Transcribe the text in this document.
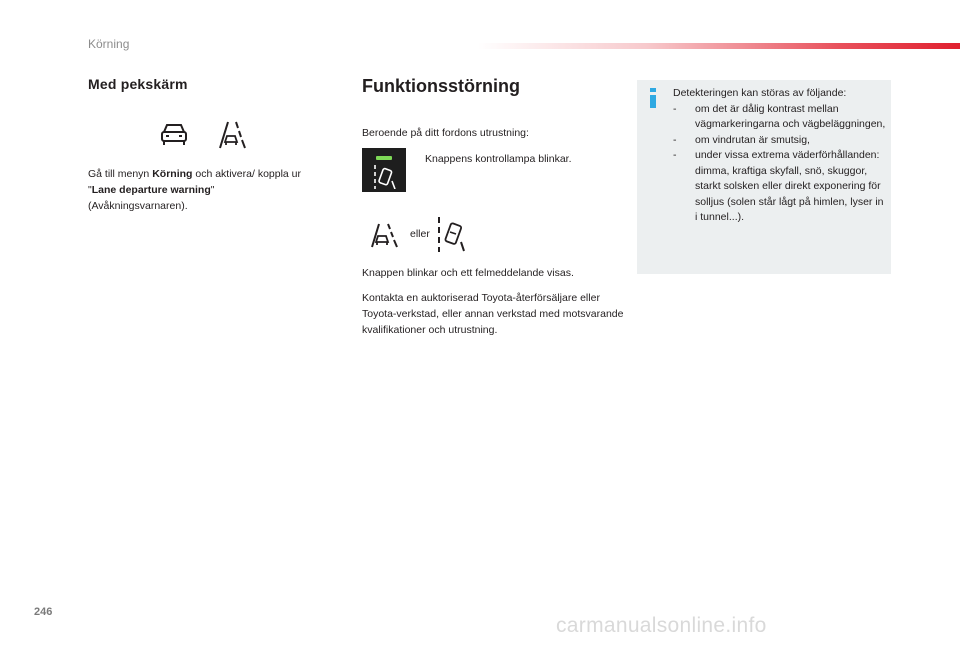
Körning
Med pekskärm
Gå till menyn Körning och aktivera/ koppla ur "Lane departure warning" (Avåkningsvarnaren).
Funktionsstörning
Beroende på ditt fordons utrustning:
Knappens kontrollampa blinkar.
eller
Knappen blinkar och ett felmeddelande visas.
Kontakta en auktoriserad Toyota-återförsäljare eller Toyota-verkstad, eller annan verkstad med motsvarande kvalifikationer och utrustning.
Detekteringen kan störas av följande:
- om det är dålig kontrast mellan vägmarkeringarna och vägbeläggningen,
- om vindrutan är smutsig,
- under vissa extrema väderförhållanden: dimma, kraftiga skyfall, snö, skuggor, starkt solsken eller direkt exponering för solljus (solen står lågt på himlen, lyser in i tunnel...).
246
carmanualsonline.info
